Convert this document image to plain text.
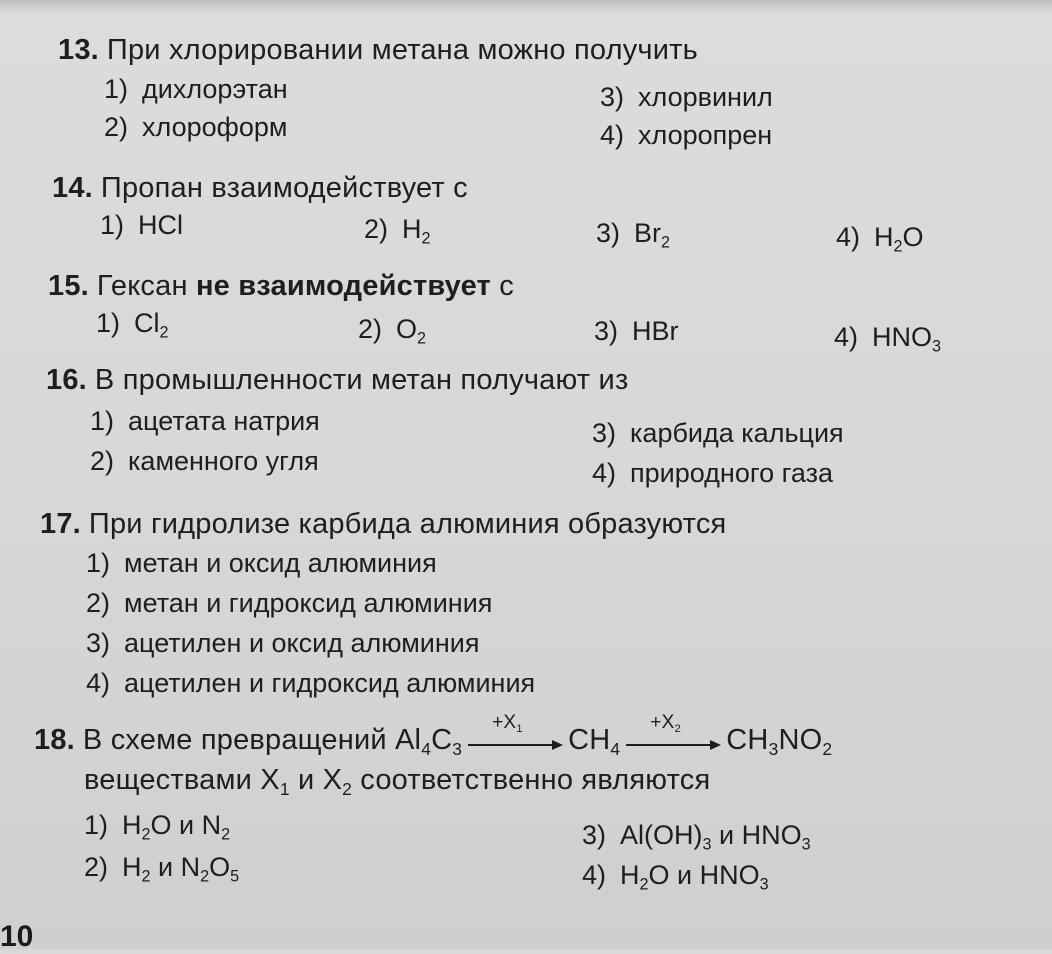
13. При хлорировании метана можно получить
1) дихлорэтан
2) хлороформ
3) хлорвинил
4) хлоропрен
14. Пропан взаимодействует с
1) HCl	2) $H_2$	3) $Br_2$	4) $H_2O$
15. Гексан не взаимодействует с
1) $Cl_2$	2) $O_2$	3) HBr	4) $HNO_3$
16. В промышленности метан получают из
1) ацетата натрия
2) каменного угля
3) карбида кальция
4) природного газа
17. При гидролизе карбида алюминия образуются
1) метан и оксид алюминия
2) метан и гидроксид алюминия
3) ацетилен и оксид алюминия
4) ацетилен и гидроксид алюминия
18. В схеме превращений $Al_4C_3$
$+X_1$ $CH_4$
$+X_2$ $CH_3NO_2$
веществами $X_1$ и $X_2$ соответственно являются
1) $H_2O$ и $N_2$
2) $H_2$ и $N_2O_5$
3) $Al(OH)_3$ и $HNO_3$
4) $H_2O$ и $HNO_3$
10
